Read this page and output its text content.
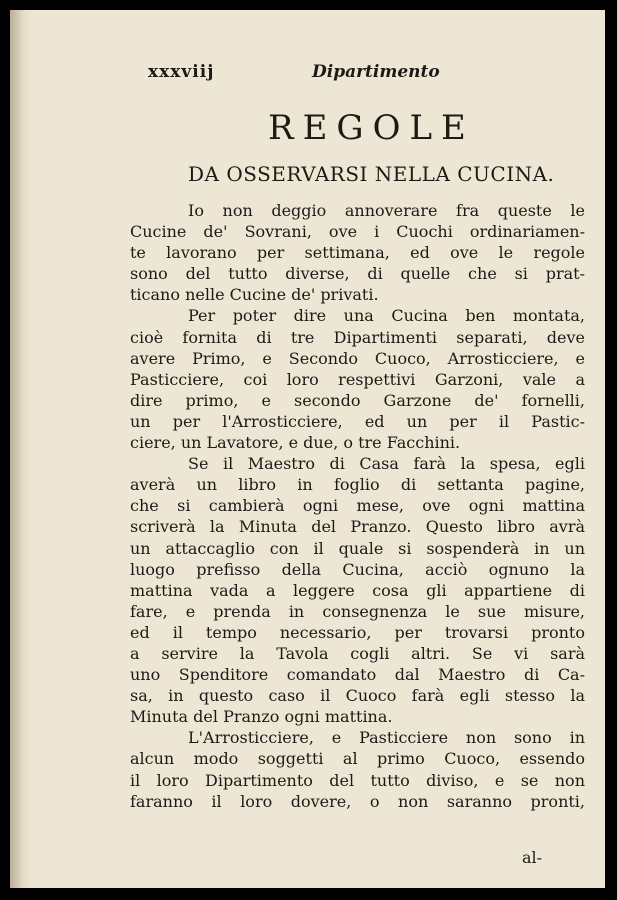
xxxviij	Dipartimento
REGOLE
DA OSSERVARSI NELLA CUCINA.
Io non deggio annoverare fra queste le
Cucine de' Sovrani, ove i Cuochi ordinariamen-
te lavorano per settimana, ed ove le regole
sono del tutto diverse, di quelle che si prat-
ticano nelle Cucine de' privati.
Per poter dire una Cucina ben montata,
cioè fornita di tre Dipartimenti separati, deve
avere Primo, e Secondo Cuoco, Arrosticciere, e
Pasticciere, coi loro respettivi Garzoni, vale a
dire primo, e secondo Garzone de' fornelli,
un per l'Arrosticciere, ed un per il Pastic-
ciere, un Lavatore, e due, o tre Facchini.
Se il Maestro di Casa farà la spesa, egli
averà un libro in foglio di settanta pagine,
che si cambierà ogni mese, ove ogni mattina
scriverà la Minuta del Pranzo. Questo libro avrà
un attaccaglio con il quale si sospenderà in un
luogo prefisso della Cucina, acciò ognuno la
mattina vada a leggere cosa gli appartiene di
fare, e prenda in consegnenza le sue misure,
ed il tempo necessario, per trovarsi pronto
a servire la Tavola cogli altri. Se vi sarà
uno Spenditore comandato dal Maestro di Ca-
sa, in questo caso il Cuoco farà egli stesso la
Minuta del Pranzo ogni mattina.
L'Arrosticciere, e Pasticciere non sono in
alcun modo soggetti al primo Cuoco, essendo
il loro Dipartimento del tutto diviso, e se non
faranno il loro dovere, o non saranno pronti,
al-
